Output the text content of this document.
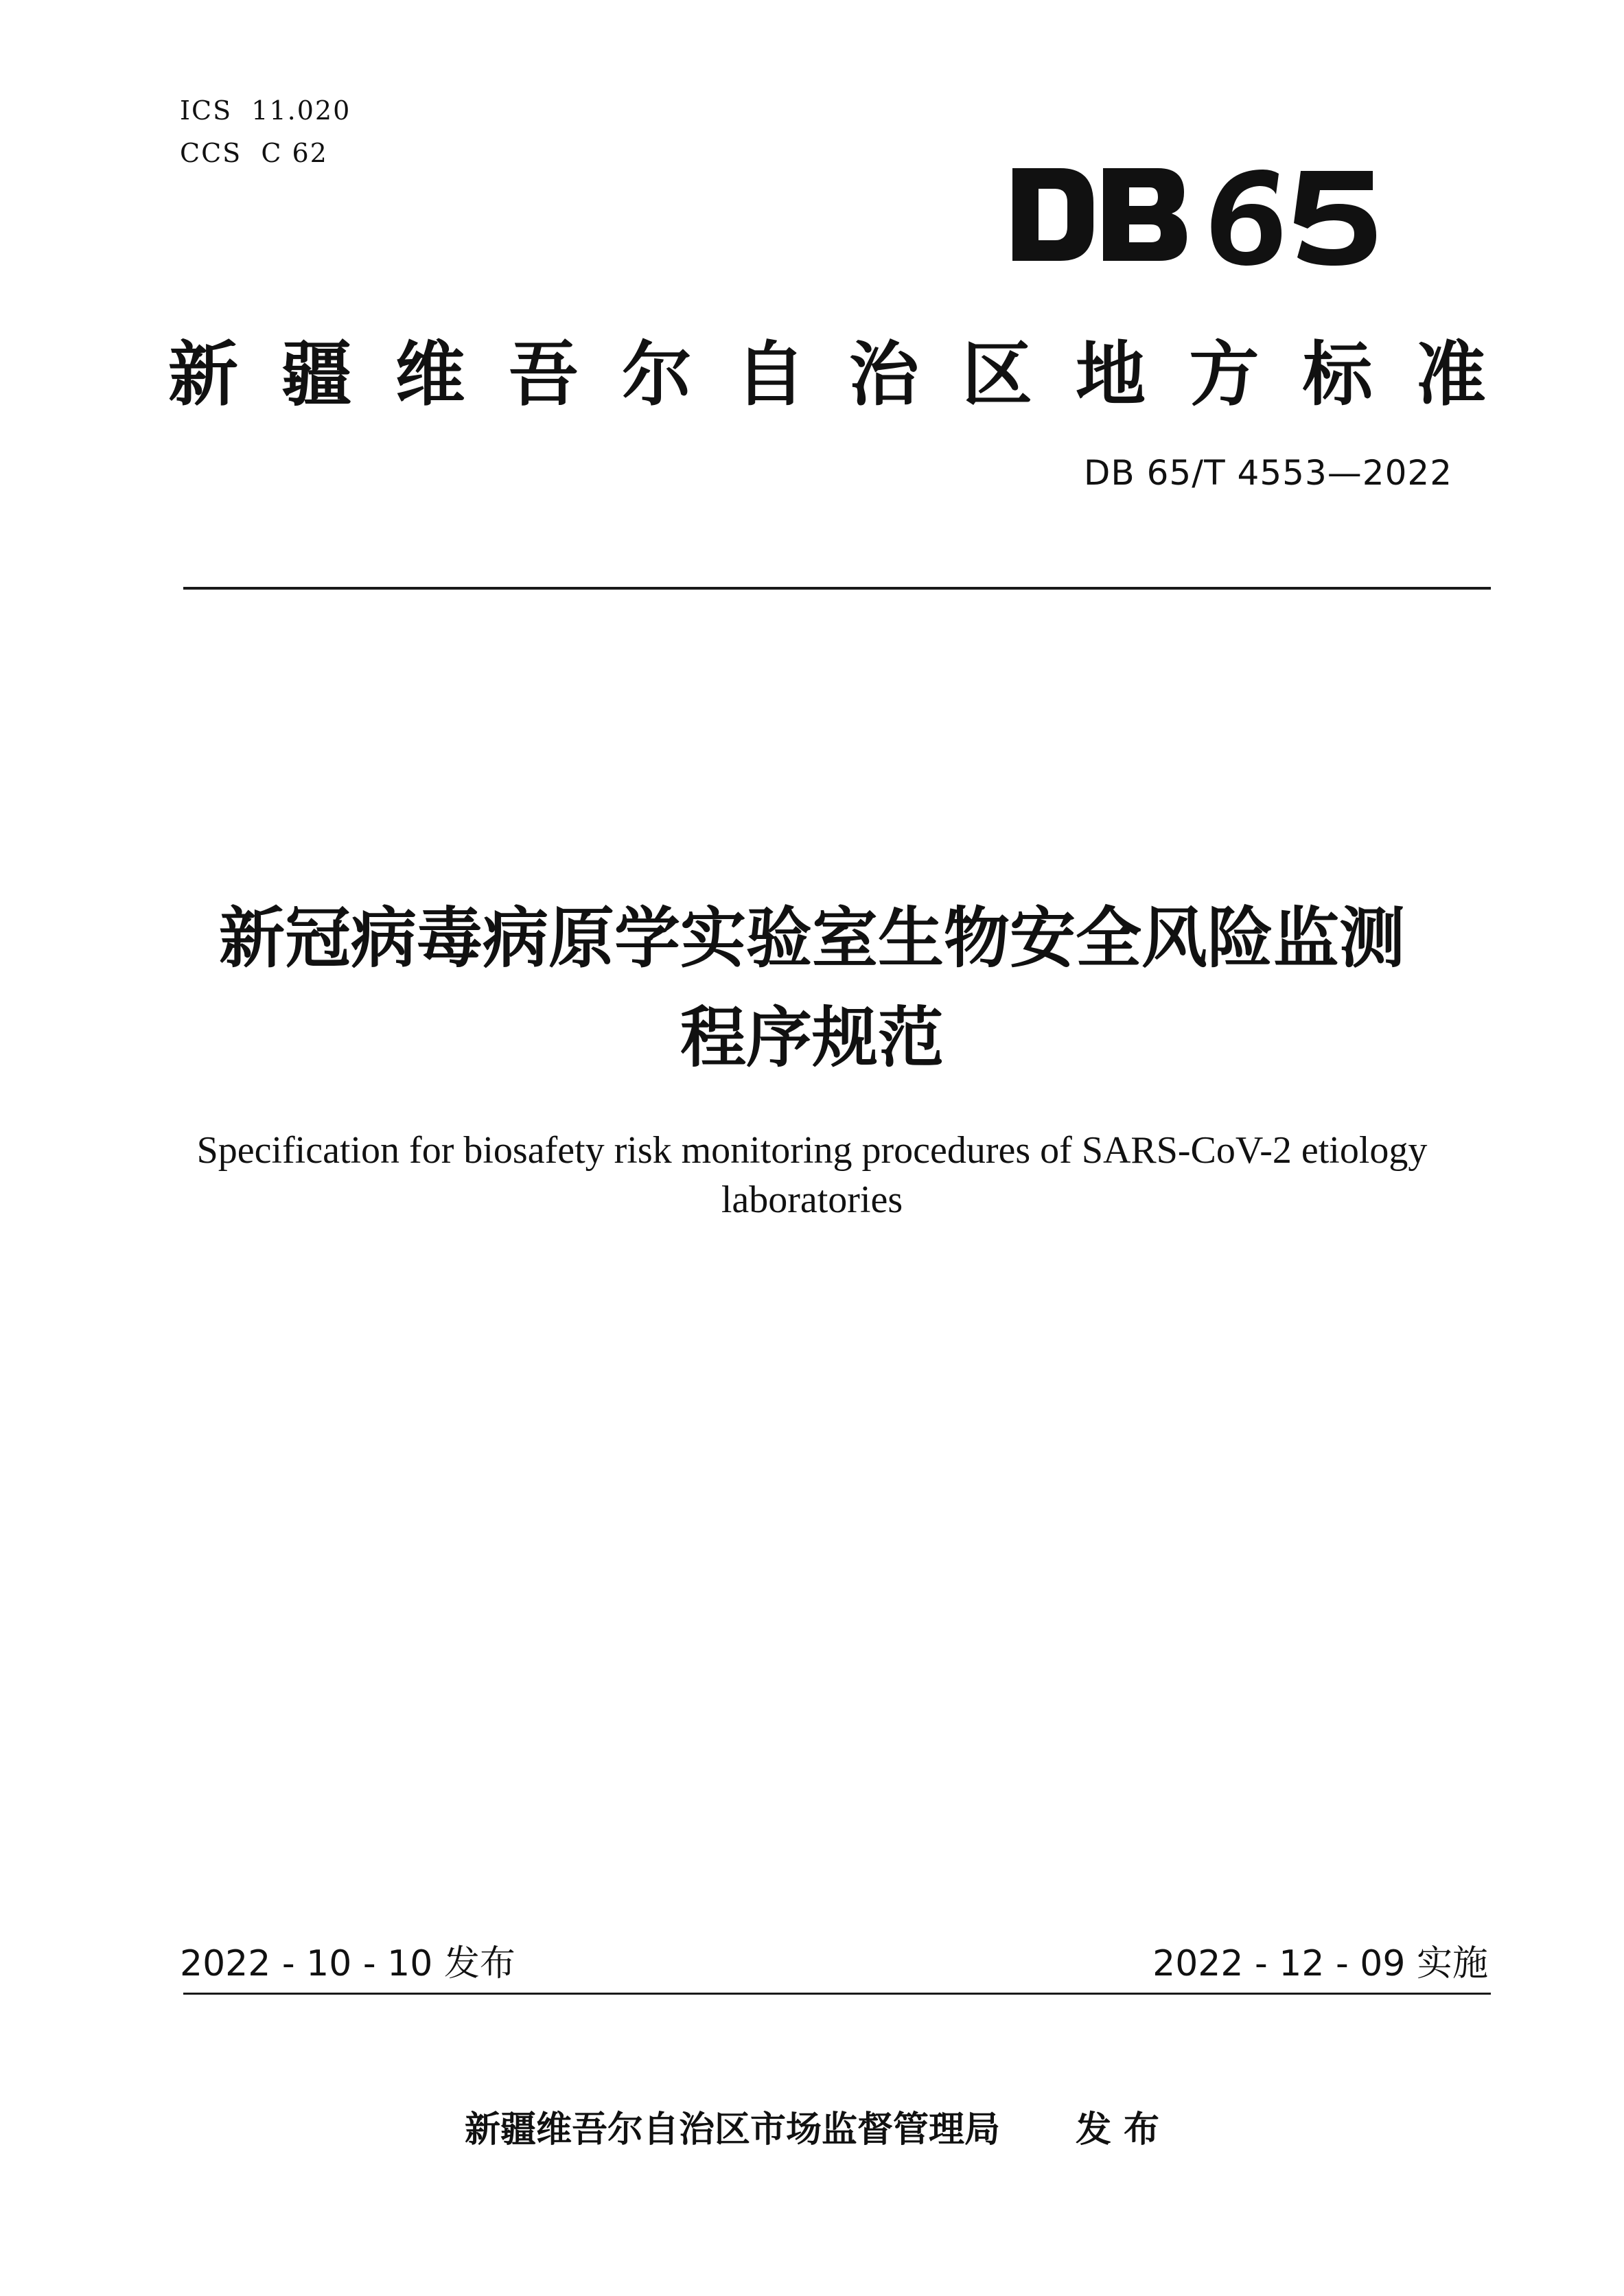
ICS  11.020
CCS  C 62
新 疆 维 吾 尔 自 治 区 地 方 标 准
DB 65/T 4553—2022
新冠病毒病原学实验室生物安全风险监测
程序规范
Specification for biosafety risk monitoring procedures of SARS-CoV-2 etiology
laboratories
2022 - 10 - 10 发布	2022 - 12 - 09 实施
新疆维吾尔自治区市场监督管理局 发 布
